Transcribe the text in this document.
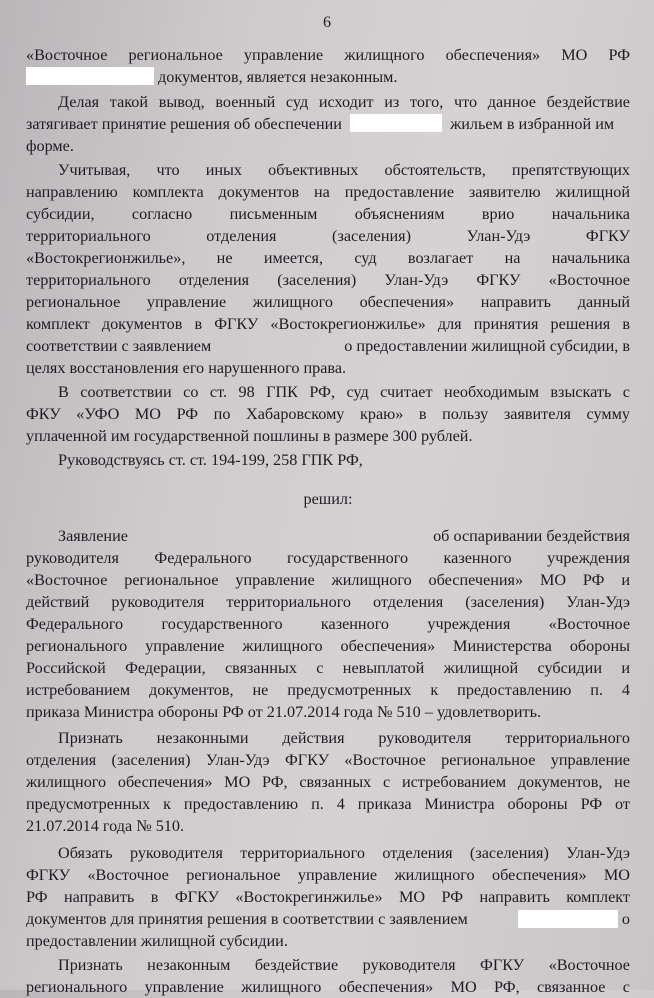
6
«Восточное региональное управление жилищного обеспечения» МО РФ
документов, является незаконным.
Делая такой вывод, военный суд исходит из того, что данное бездействие
затягивает принятие решения об обеспечении	жильем в избранной им
форме.
Учитывая, что иных объективных обстоятельств, препятствующих
направлению комплекта документов на предоставление заявителю жилищной
субсидии, согласно письменным объяснениям врио начальника
территориального отделения (заселения) Улан-Удэ ФГКУ
«Востокрегионжилье», не имеется, суд возлагает на начальника
территориального отделения (заселения) Улан-Удэ ФГКУ «Восточное
региональное управление жилищного обеспечения» направить данный
комплект документов в ФГКУ «Востокрегионжилье» для принятия решения в
соответствии с заявлением	о предоставлении жилищной субсидии, в
целях восстановления его нарушенного права.
В соответствии со ст. 98 ГПК РФ, суд считает необходимым взыскать с
ФКУ «УФО МО РФ по Хабаровскому краю» в пользу заявителя сумму
уплаченной им государственной пошлины в размере 300 рублей.
Руководствуясь ст. ст. 194-199, 258 ГПК РФ,
решил:
Заявление	об оспаривании бездействия
руководителя Федерального государственного казенного учреждения
«Восточное региональное управление жилищного обеспечения» МО РФ и
действий руководителя территориального отделения (заселения) Улан-Удэ
Федерального государственного казенного учреждения «Восточное
регионального управление жилищного обеспечения» Министерства обороны
Российской Федерации, связанных с невыплатой жилищной субсидии и
истребованием документов, не предусмотренных к предоставлению п. 4
приказа Министра обороны РФ от 21.07.2014 года № 510 – удовлетворить.
Признать незаконными действия руководителя территориального
отделения (заселения) Улан-Удэ ФГКУ «Восточное региональное управление
жилищного обеспечения» МО РФ, связанных с истребованием документов, не
предусмотренных к предоставлению п. 4 приказа Министра обороны РФ от
21.07.2014 года № 510.
Обязать руководителя территориального отделения (заселения) Улан-Удэ
ФГКУ «Восточное региональное управление жилищного обеспечения» МО
РФ направить в ФГКУ «Востокрегинжилье» МО РФ направить комплект
документов для принятия решения в соответствии с заявлением	о
предоставлении жилищной субсидии.
Признать незаконным бездействие руководителя ФГКУ «Восточное
регионального управление жилищного обеспечения» МО РФ, связанное с
